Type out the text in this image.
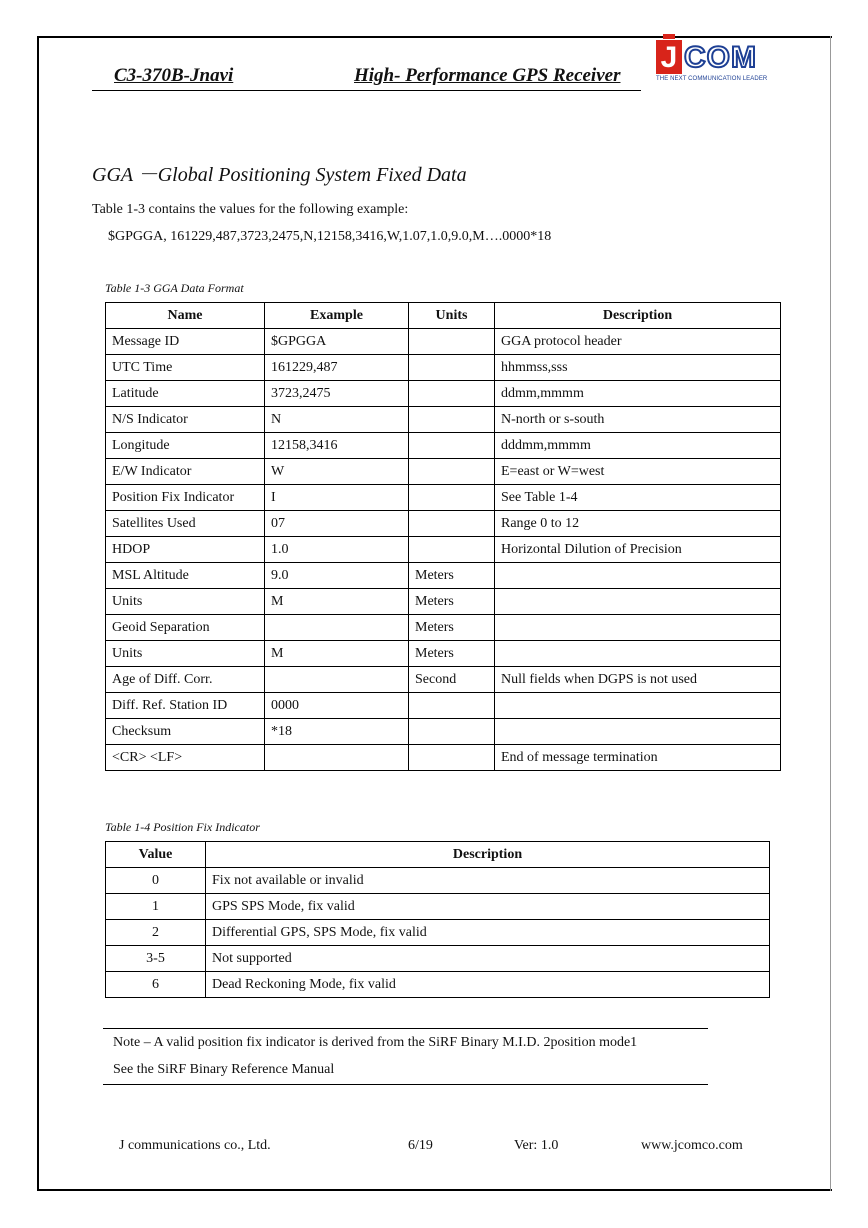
C3-370B-Jnavi	High- Performance GPS Receiver
J COM
THE NEXT COMMUNICATION LEADER
GGA －Global Positioning System Fixed Data
Table 1-3 contains the values for the following example:
$GPGGA, 161229,487,3723,2475,N,12158,3416,W,1.07,1.0,9.0,M….0000*18
Table 1-3 GGA Data Format
Name	Example	Units	Description
Message ID	$GPGGA		GGA protocol header
UTC Time	161229,487		hhmmss,sss
Latitude	3723,2475		ddmm,mmmm
N/S Indicator	N		N-north or s-south
Longitude	12158,3416		dddmm,mmmm
E/W Indicator	W		E=east or W=west
Position Fix Indicator	I		See Table 1-4
Satellites Used	07		Range 0 to 12
HDOP	1.0		Horizontal Dilution of Precision
MSL Altitude	9.0	Meters	
Units	M	Meters	
Geoid Separation		Meters	
Units	M	Meters	
Age of Diff. Corr.		Second	Null fields when DGPS is not used
Diff. Ref. Station ID	0000		
Checksum	*18		
<CR> <LF>			End of message termination
Table 1-4 Position Fix Indicator
Value	Description
0	Fix not available or invalid
1	GPS SPS Mode, fix valid
2	Differential GPS, SPS Mode, fix valid
3-5	Not supported
6	Dead Reckoning Mode, fix valid
Note – A valid position fix indicator is derived from the SiRF Binary M.I.D. 2position mode1
See the SiRF Binary Reference Manual
J communications co., Ltd.	6/19	Ver: 1.0	www.jcomco.com
